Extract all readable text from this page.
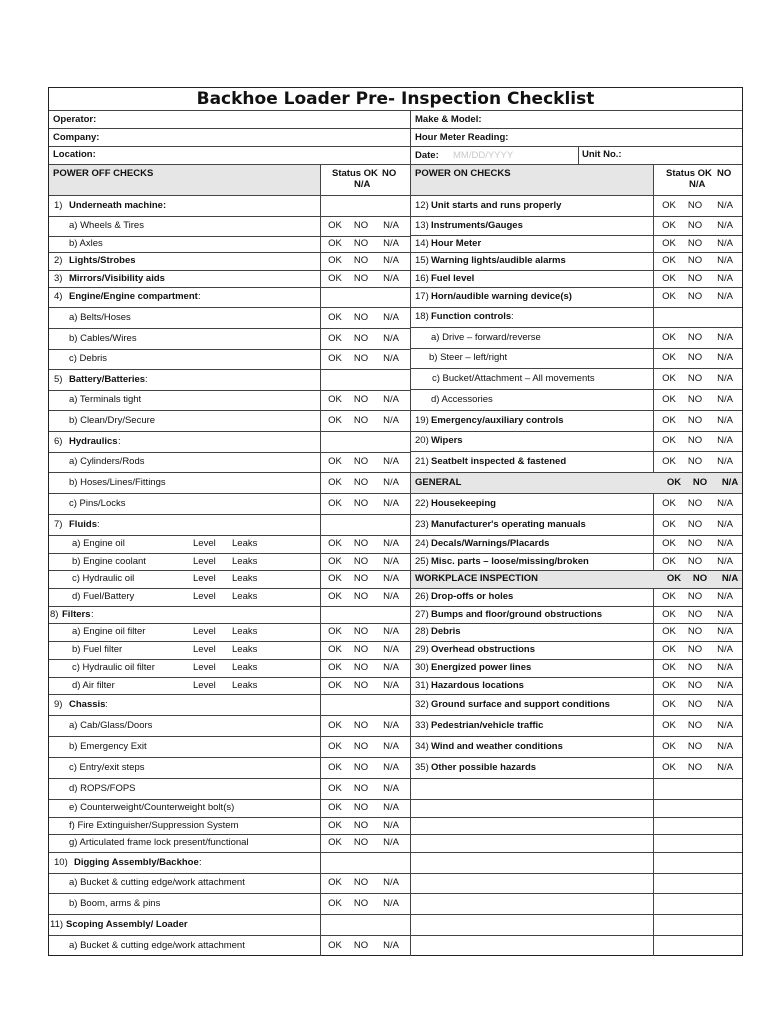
Backhoe Loader Pre- Inspection Checklist
Operator:
Company:
Location:
Make & Model:
Hour Meter Reading:
Date: MM/DD/YYYY	Unit No.:
POWER OFF CHECKS	Status OK NO
N/A
POWER ON CHECKS	Status OK NO
N/A
1) Underneath machine:
a) Wheels & Tires	OK	NO	N/A
b) Axles	OK	NO	N/A
2) Lights/Strobes	OK	NO	N/A
3) Mirrors/Visibility aids	OK	NO	N/A
4) Engine/Engine compartment :
a) Belts/Hoses	OK	NO	N/A
b) Cables/Wires	OK	NO	N/A
c) Debris	OK	NO	N/A
5) Battery/Batteries :
a) Terminals tight	OK	NO	N/A
b) Clean/Dry/Secure	OK	NO	N/A
6) Hydraulics :
a) Cylinders/Rods	OK	NO	N/A
b) Hoses/Lines/Fittings	OK	NO	N/A
c) Pins/Locks	OK	NO	N/A
7) Fluids :
a) Engine oil	Level Leaks	OK	NO	N/A
b) Engine coolant	Level Leaks	OK	NO	N/A
c) Hydraulic oil	Level Leaks	OK	NO	N/A
d) Fuel/Battery	Level Leaks	OK	NO	N/A
8) Filters :
a) Engine oil filter	Level Leaks	OK	NO	N/A
b) Fuel filter	Level Leaks	OK	NO	N/A
c) Hydraulic oil filter	Level Leaks	OK	NO	N/A
d) Air filter	Level Leaks	OK	NO	N/A
9) Chassis :
a) Cab/Glass/Doors	OK	NO	N/A
b) Emergency Exit	OK	NO	N/A
c) Entry/exit steps	OK	NO	N/A
d) ROPS/FOPS	OK	NO	N/A
e) Counterweight/Counterweight bolt(s)	OK	NO	N/A
f) Fire Extinguisher/Suppression System	OK	NO	N/A
g) Articulated frame lock present/functional	OK	NO	N/A
10) Digging Assembly/Backhoe :
a) Bucket & cutting edge/work attachment	OK	NO	N/A
b) Boom, arms & pins	OK	NO	N/A
11) Scoping Assembly/ Loader
a) Bucket & cutting edge/work attachment	OK	NO	N/A
12) Unit starts and runs properly	OK	NO	N/A
13) Instruments/Gauges	OK	NO	N/A
14) Hour Meter	OK	NO	N/A
15) Warning lights/audible alarms	OK	NO	N/A
16) Fuel level	OK	NO	N/A
17) Horn/audible warning device(s)	OK	NO	N/A
18) Function controls :
a) Drive – forward/reverse	OK	NO	N/A
b) Steer – left/right	OK	NO	N/A
c) Bucket/Attachment – All movements	OK	NO	N/A
d) Accessories	OK	NO	N/A
19) Emergency/auxiliary controls	OK	NO	N/A
20) Wipers	OK	NO	N/A
21) Seatbelt inspected & fastened	OK	NO	N/A
GENERAL	OK	NO	N/A
22) Housekeeping	OK	NO	N/A
23) Manufacturer's operating manuals	OK	NO	N/A
24) Decals/Warnings/Placards	OK	NO	N/A
25) Misc. parts – loose/missing/broken	OK	NO	N/A
WORKPLACE INSPECTION	OK	NO	N/A
26) Drop-offs or holes	OK	NO	N/A
27) Bumps and floor/ground obstructions	OK	NO	N/A
28) Debris	OK	NO	N/A
29) Overhead obstructions	OK	NO	N/A
30) Energized power lines	OK	NO	N/A
31) Hazardous locations	OK	NO	N/A
32) Ground surface and support conditions	OK	NO	N/A
33) Pedestrian/vehicle traffic	OK	NO	N/A
34) Wind and weather conditions	OK	NO	N/A
35) Other possible hazards	OK	NO	N/A
